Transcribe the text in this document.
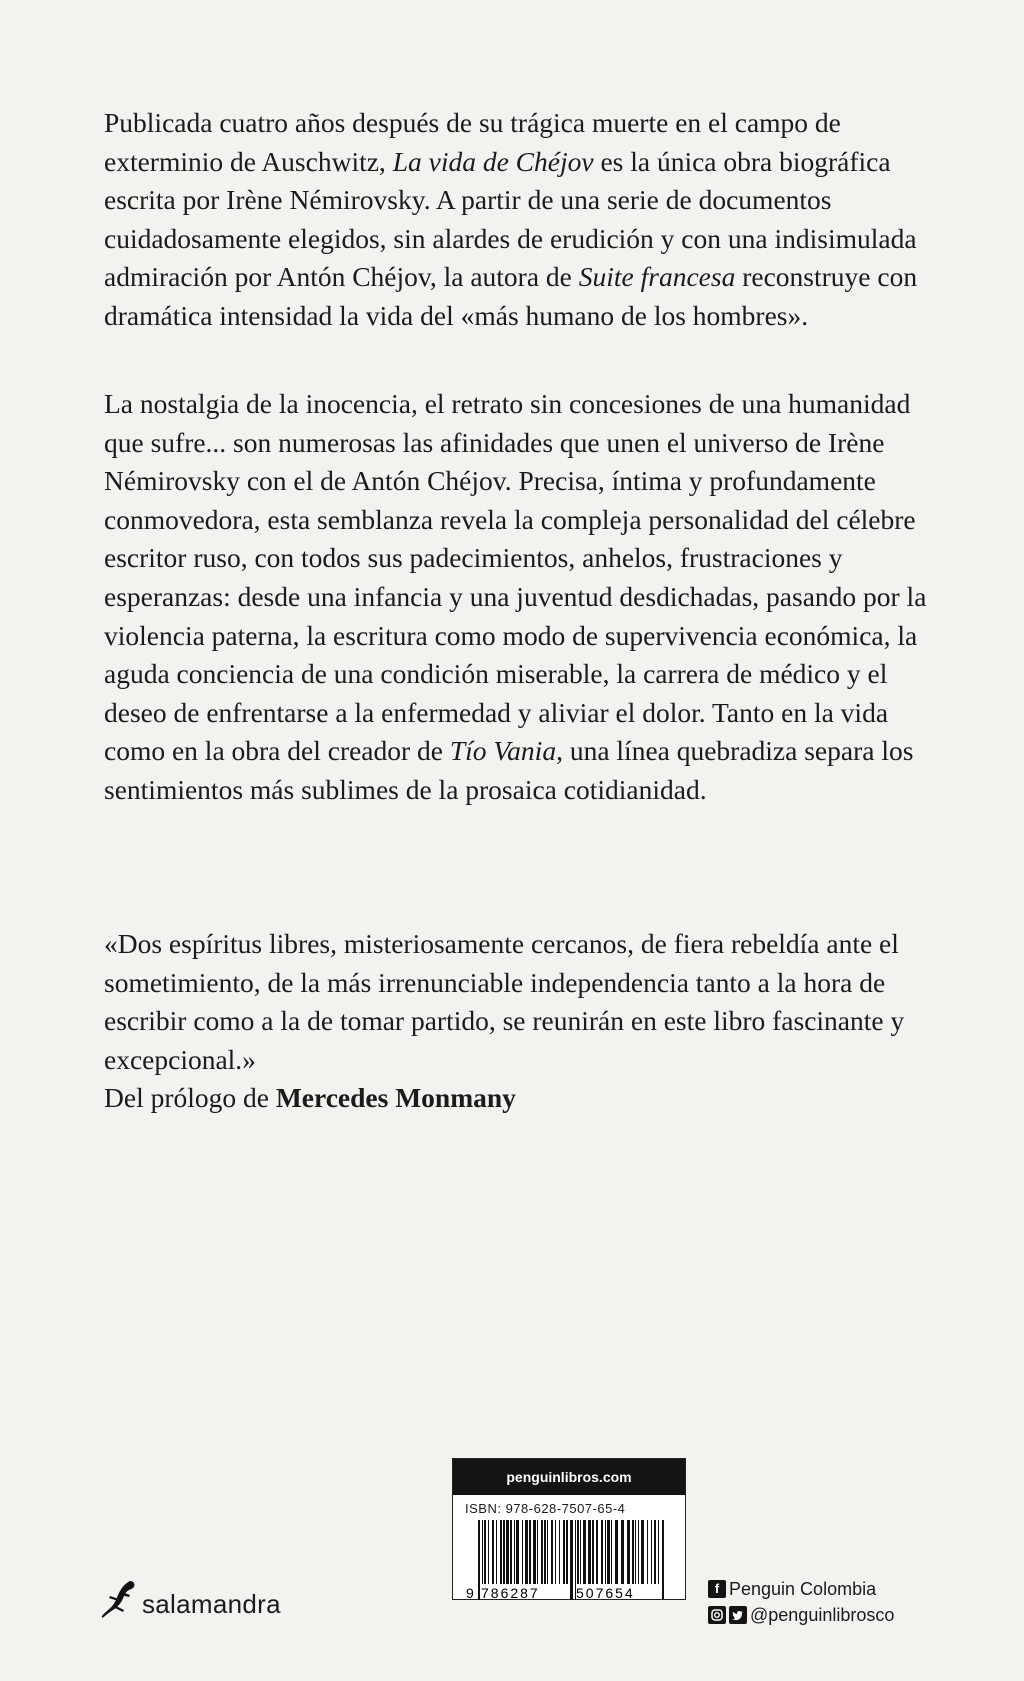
Publicada cuatro años después de su trágica muerte en el campo de exterminio de Auschwitz, La vida de Chéjov es la única obra biográfica escrita por Irène Némirovsky. A partir de una serie de documentos cuidadosamente elegidos, sin alardes de erudición y con una indisimulada admiración por Antón Chéjov, la autora de Suite francesa reconstruye con dramática intensidad la vida del «más humano de los hombres».

La nostalgia de la inocencia, el retrato sin concesiones de una humanidad que sufre... son numerosas las afinidades que unen el universo de Irène Némirovsky con el de Antón Chéjov. Precisa, íntima y profundamente conmovedora, esta semblanza revela la compleja personalidad del célebre escritor ruso, con todos sus padecimientos, anhelos, frustraciones y esperanzas: desde una infancia y una juventud desdichadas, pasando por la violencia paterna, la escritura como modo de supervivencia económica, la aguda conciencia de una condición miserable, la carrera de médico y el deseo de enfrentarse a la enfermedad y aliviar el dolor. Tanto en la vida como en la obra del creador de Tío Vania, una línea quebradiza separa los sentimientos más sublimes de la prosaica cotidianidad.

«Dos espíritus libres, misteriosamente cercanos, de fiera rebeldía ante el sometimiento, de la más irrenunciable independencia tanto a la hora de escribir como a la de tomar partido, se reunirán en este libro fascinante y excepcional.»

Del prólogo de Mercedes Monmany

penguinlibros.com
ISBN: 978-628-7507-65-4
9 786287	507654
salamandra
f Penguin Colombia
@penguinlibrosco
